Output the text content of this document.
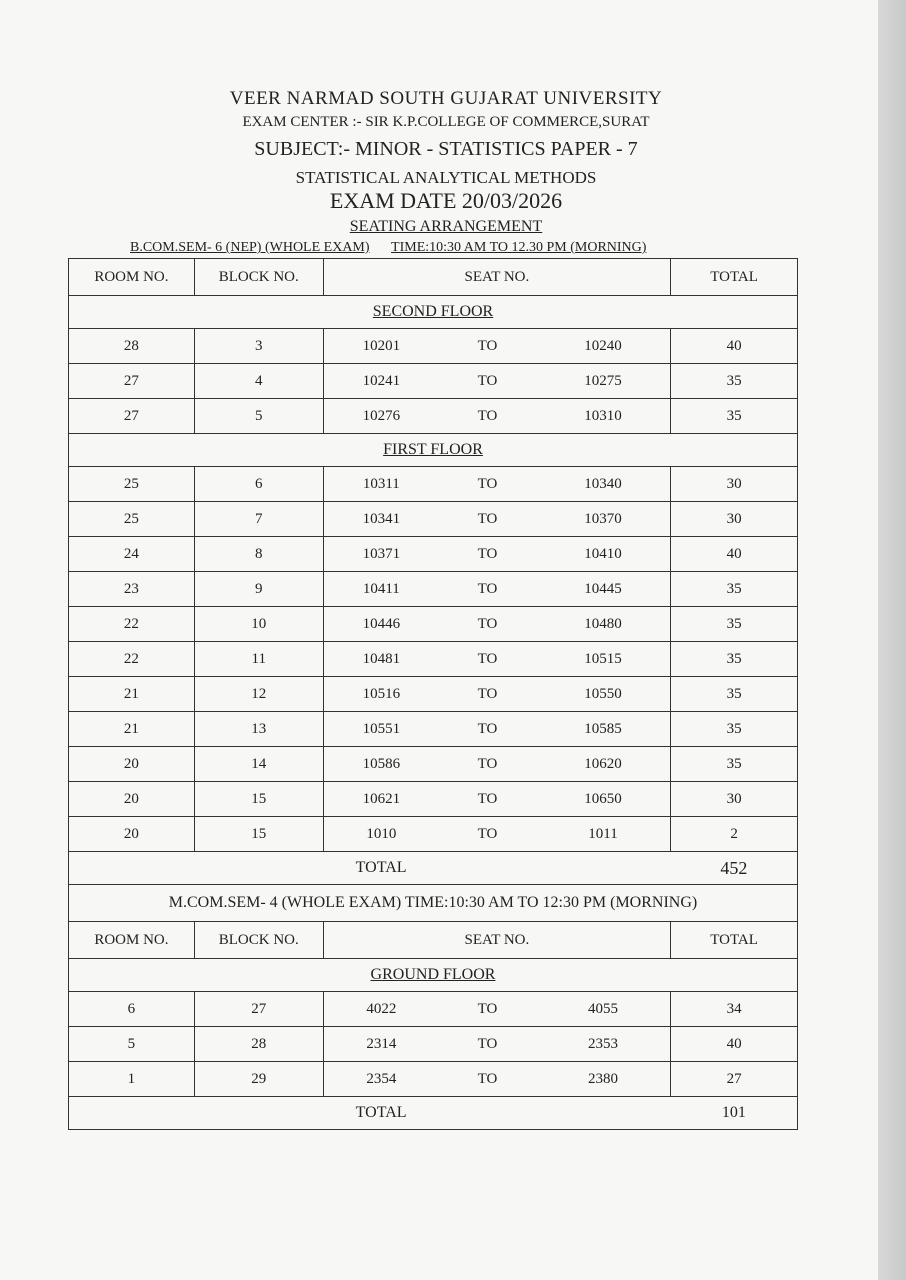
VEER NARMAD SOUTH GUJARAT UNIVERSITY
EXAM CENTER :- SIR K.P.COLLEGE OF COMMERCE,SURAT
SUBJECT:- MINOR - STATISTICS PAPER - 7
STATISTICAL ANALYTICAL METHODS
EXAM DATE 20/03/2026
SEATING ARRANGEMENT
B.COM.SEM- 6 (NEP) (WHOLE EXAM) TIME:10:30 AM TO 12.30 PM (MORNING)
ROOM NO.	BLOCK NO.	SEAT NO.			TOTAL
SECOND FLOOR					
28	3	10201	TO	10240	40
27	4	10241	TO	10275	35
27	5	10276	TO	10310	35
FIRST FLOOR					
25	6	10311	TO	10340	30
25	7	10341	TO	10370	30
24	8	10371	TO	10410	40
23	9	10411	TO	10445	35
22	10	10446	TO	10480	35
22	11	10481	TO	10515	35
21	12	10516	TO	10550	35
21	13	10551	TO	10585	35
20	14	10586	TO	10620	35
20	15	10621	TO	10650	30
20	15	1010	TO	1011	2
		TOTAL			452
M.COM.SEM- 4 (WHOLE EXAM) TIME:10:30 AM TO 12:30 PM (MORNING)					
ROOM NO.	BLOCK NO.	SEAT NO.			TOTAL
GROUND FLOOR					
6	27	4022	TO	4055	34
5	28	2314	TO	2353	40
1	29	2354	TO	2380	27
		TOTAL			101
